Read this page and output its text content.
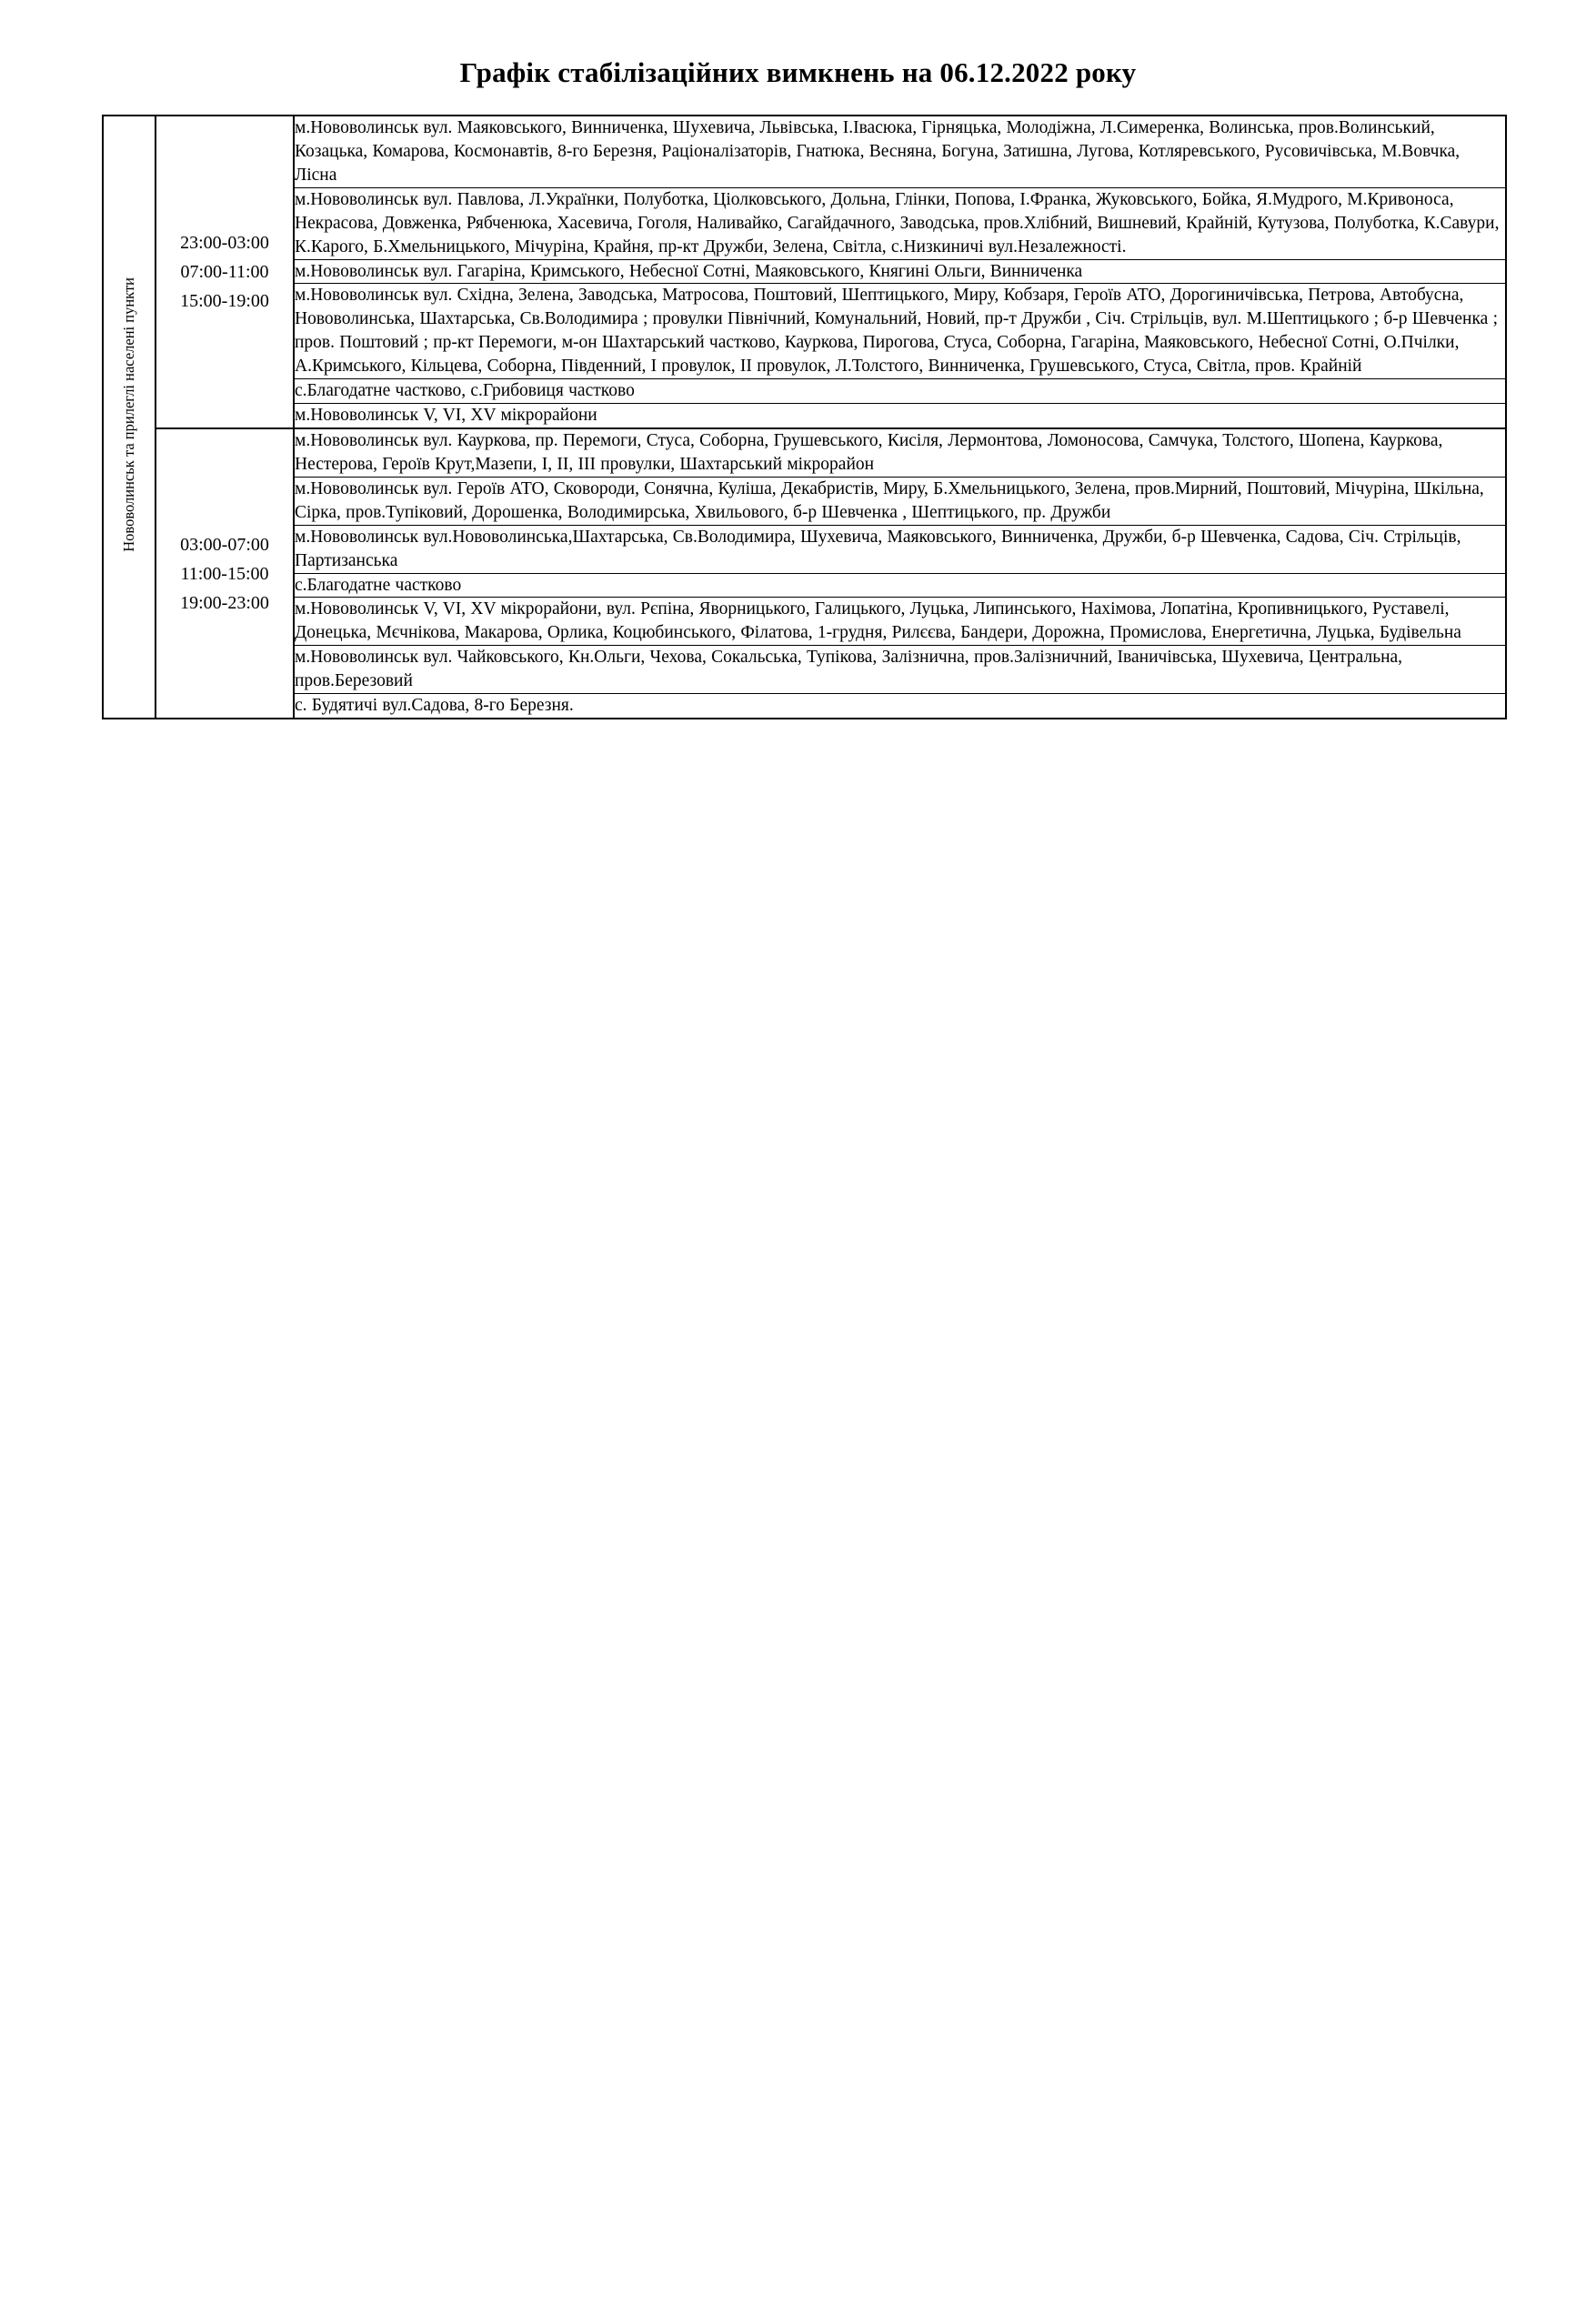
Графік стабілізаційних вимкнень на 06.12.2022 року
Нововолинськ та прилеглі населені пункти	
23:00-03:00
07:00-11:00
15:00-19:00
	м.Нововолинськ вул. Маяковського, Винниченка, Шухевича, Львівська, І.Івасюка, Гірняцька, Молодіжна, Л.Симеренка, Волинська, пров.Волинський, Козацька, Комарова, Космонавтів, 8-го Березня, Раціоналізаторів, Гнатюка, Весняна, Богуна, Затишна, Лугова, Котляревського, Русовичівська, М.Вовчка, Лісна
		м.Нововолинськ вул. Павлова, Л.Українки, Полуботка, Ціолковського, Дольна, Глінки, Попова, І.Франка, Жуковського, Бойка, Я.Мудрого, М.Кривоноса, Некрасова, Довженка, Рябченюка, Хасевича, Гоголя, Наливайко, Сагайдачного, Заводська, пров.Хлібний, Вишневий, Крайній, Кутузова, Полуботка, К.Савури, К.Карого, Б.Хмельницького, Мічуріна, Крайня, пр-кт Дружби, Зелена, Світла, с.Низкиничі вул.Незалежності.
		м.Нововолинськ вул. Гагаріна, Кримського, Небесної Сотні, Маяковського, Княгині Ольги, Винниченка
		м.Нововолинськ вул. Східна, Зелена, Заводська, Матросова, Поштовий, Шептицького, Миру, Кобзаря, Героїв АТО, Дорогиничівська, Петрова, Автобусна, Нововолинська, Шахтарська, Св.Володимира ; провулки Північний, Комунальний, Новий, пр-т Дружби , Січ. Стрільців, вул. М.Шептицького ; б-р Шевченка ; пров. Поштовий ; пр-кт Перемоги, м-он Шахтарський частково, Кауркова, Пирогова, Стуса, Соборна, Гагаріна, Маяковського, Небесної Сотні, О.Пчілки, А.Кримського, Кільцева, Соборна, Південний, І провулок, ІІ провулок, Л.Толстого, Винниченка, Грушевського, Стуса, Світла, пров. Крайній
		с.Благодатне частково, с.Грибовиця частково
		м.Нововолинськ V, VI, XV мікрорайони

03:00-07:00
11:00-15:00
19:00-23:00
	м.Нововолинськ вул. Кауркова, пр. Перемоги, Стуса, Соборна, Грушевського, Кисіля, Лермонтова, Ломоносова, Самчука, Толстого, Шопена, Кауркова, Нестерова, Героїв Крут,Мазепи, І, ІІ, ІІІ провулки, Шахтарський мікрорайон
		м.Нововолинськ вул. Героїв АТО, Сковороди, Сонячна, Куліша, Декабристів, Миру, Б.Хмельницького, Зелена, пров.Мирний, Поштовий, Мічуріна, Шкільна, Сірка, пров.Тупіковий, Дорошенка, Володимирська, Хвильового, б-р Шевченка , Шептицького, пр. Дружби
		м.Нововолинськ вул.Нововолинська,Шахтарська, Св.Володимира, Шухевича, Маяковського, Винниченка, Дружби, б-р Шевченка, Садова, Січ. Стрільців, Партизанська
		с.Благодатне частково
		м.Нововолинськ V, VI, XV мікрорайони, вул. Рєпіна, Яворницького, Галицького, Луцька, Липинського, Нахімова, Лопатіна, Кропивницького, Руставелі, Донецька, Мєчнікова, Макарова, Орлика, Коцюбинського, Філатова, 1-грудня, Рилєєва, Бандери, Дорожна, Промислова, Енергетична, Луцька, Будівельна
		м.Нововолинськ вул. Чайковського, Кн.Ольги, Чехова, Сокальська, Тупікова, Залізнична, пров.Залізничний, Іваничівська, Шухевича, Центральна, пров.Березовий
		с. Будятичі вул.Садова, 8-го Березня.
